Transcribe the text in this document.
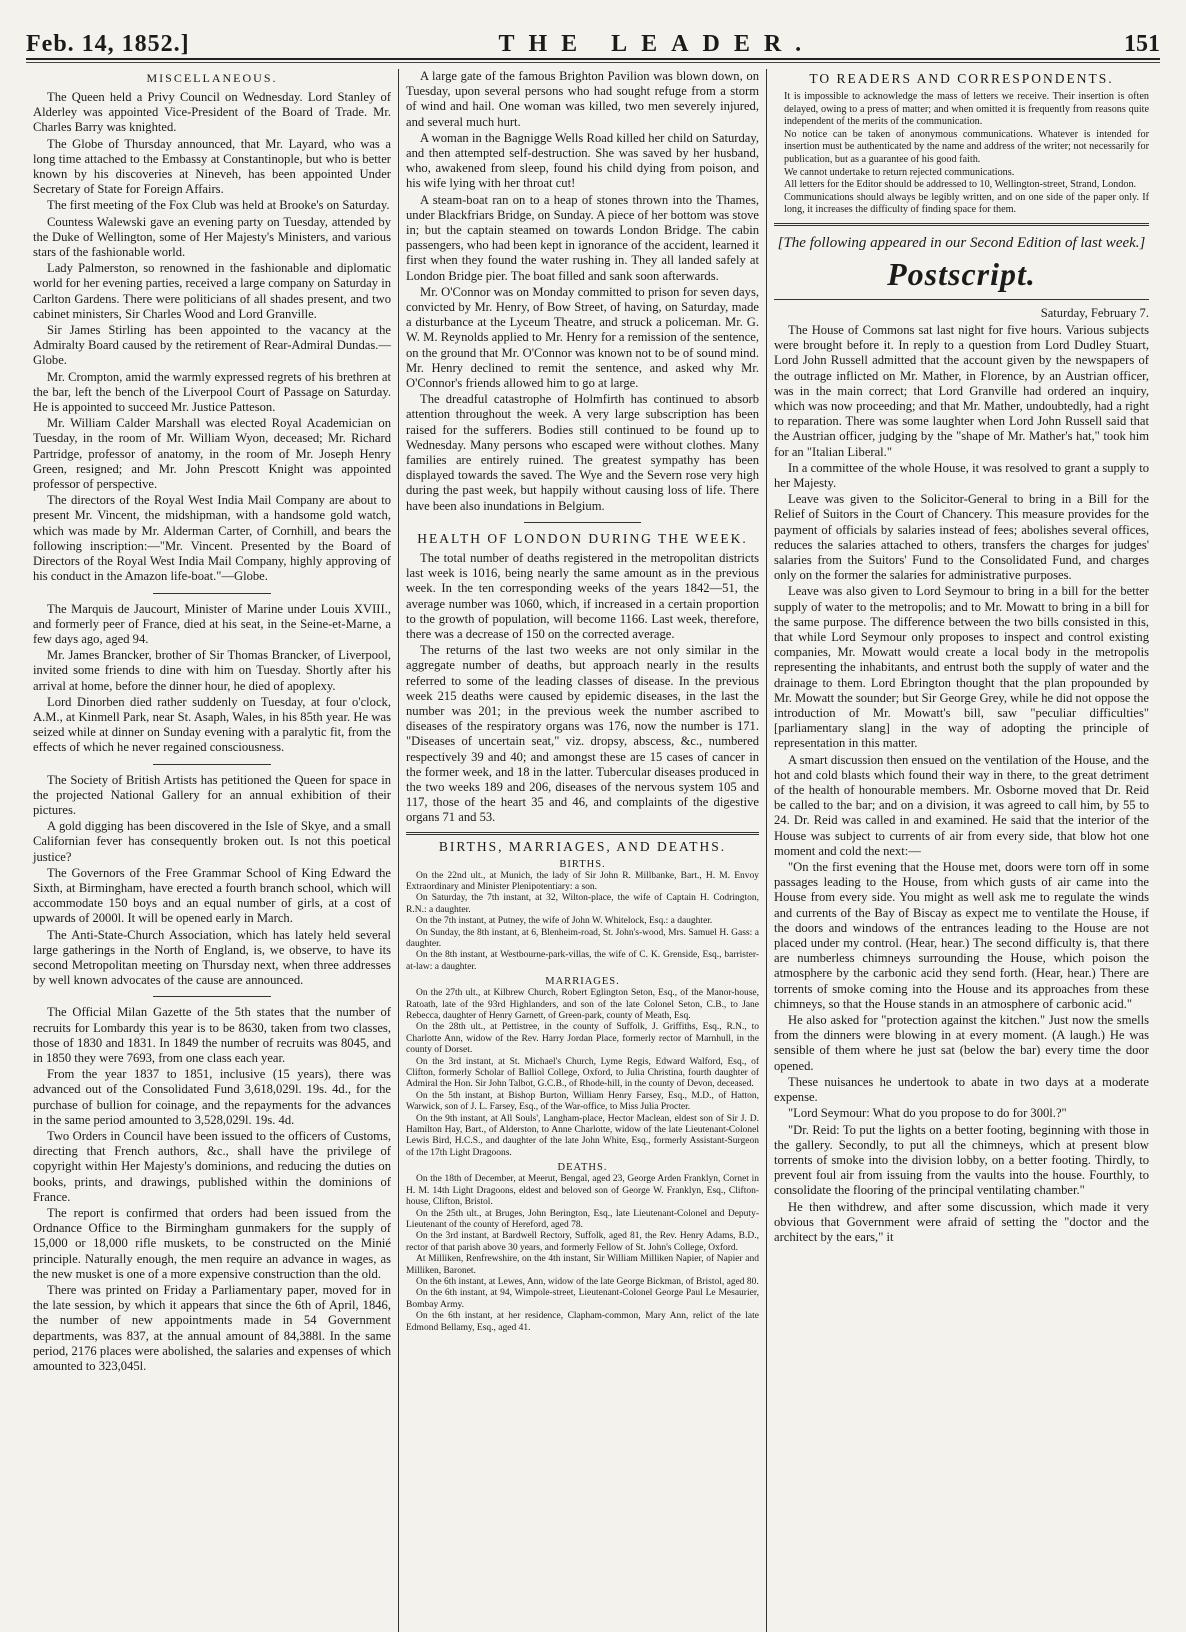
Feb. 14, 1852.]	THE LEADER.	151
MISCELLANEOUS.

The Queen held a Privy Council on Wednesday. Lord Stanley of Alderley was appointed Vice-President of the Board of Trade. Mr. Charles Barry was knighted.

The Globe of Thursday announced, that Mr. Layard, who was a long time attached to the Embassy at Constantinople, but who is better known by his discoveries at Nineveh, has been appointed Under Secretary of State for Foreign Affairs.

The first meeting of the Fox Club was held at Brooke's on Saturday.

Countess Walewski gave an evening party on Tuesday, attended by the Duke of Wellington, some of Her Majesty's Ministers, and various stars of the fashionable world.

Lady Palmerston, so renowned in the fashionable and diplomatic world for her evening parties, received a large company on Saturday in Carlton Gardens. There were politicians of all shades present, and two cabinet ministers, Sir Charles Wood and Lord Granville.

Sir James Stirling has been appointed to the vacancy at the Admiralty Board caused by the retirement of Rear-Admiral Dundas.—Globe.

Mr. Crompton, amid the warmly expressed regrets of his brethren at the bar, left the bench of the Liverpool Court of Passage on Saturday. He is appointed to succeed Mr. Justice Patteson.

Mr. William Calder Marshall was elected Royal Academician on Tuesday, in the room of Mr. William Wyon, deceased; Mr. Richard Partridge, professor of anatomy, in the room of Mr. Joseph Henry Green, resigned; and Mr. John Prescott Knight was appointed professor of perspective.

The directors of the Royal West India Mail Company are about to present Mr. Vincent, the midshipman, with a handsome gold watch, which was made by Mr. Alderman Carter, of Cornhill, and bears the following inscription:—"Mr. Vincent. Presented by the Board of Directors of the Royal West India Mail Company, highly approving of his conduct in the Amazon life-boat."—Globe.

The Marquis de Jaucourt, Minister of Marine under Louis XVIII., and formerly peer of France, died at his seat, in the Seine-et-Marne, a few days ago, aged 94.

Mr. James Brancker, brother of Sir Thomas Brancker, of Liverpool, invited some friends to dine with him on Tuesday. Shortly after his arrival at home, before the dinner hour, he died of apoplexy.

Lord Dinorben died rather suddenly on Tuesday, at four o'clock, A.M., at Kinmell Park, near St. Asaph, Wales, in his 85th year. He was seized while at dinner on Sunday evening with a paralytic fit, from the effects of which he never regained consciousness.

The Society of British Artists has petitioned the Queen for space in the projected National Gallery for an annual exhibition of their pictures.

A gold digging has been discovered in the Isle of Skye, and a small Californian fever has consequently broken out. Is not this poetical justice?

The Governors of the Free Grammar School of King Edward the Sixth, at Birmingham, have erected a fourth branch school, which will accommodate 150 boys and an equal number of girls, at a cost of upwards of 2000l. It will be opened early in March.

The Anti-State-Church Association, which has lately held several large gatherings in the North of England, is, we observe, to have its second Metropolitan meeting on Thursday next, when three addresses by well known advocates of the cause are announced.

The Official Milan Gazette of the 5th states that the number of recruits for Lombardy this year is to be 8630, taken from two classes, those of 1830 and 1831. In 1849 the number of recruits was 8045, and in 1850 they were 7693, from one class each year.

From the year 1837 to 1851, inclusive (15 years), there was advanced out of the Consolidated Fund 3,618,029l. 19s. 4d., for the purchase of bullion for coinage, and the repayments for the advances in the same period amounted to 3,528,029l. 19s. 4d.

Two Orders in Council have been issued to the officers of Customs, directing that French authors, &c., shall have the privilege of copyright within Her Majesty's dominions, and reducing the duties on books, prints, and drawings, published within the dominions of France.

The report is confirmed that orders had been issued from the Ordnance Office to the Birmingham gunmakers for the supply of 15,000 or 18,000 rifle muskets, to be constructed on the Minié principle. Naturally enough, the men require an advance in wages, as the new musket is one of a more expensive construction than the old.

There was printed on Friday a Parliamentary paper, moved for in the late session, by which it appears that since the 6th of April, 1846, the number of new appointments made in 54 Government departments, was 837, at the annual amount of 84,388l. In the same period, 2176 places were abolished, the salaries and expenses of which amounted to 323,045l.

A large gate of the famous Brighton Pavilion was blown down, on Tuesday, upon several persons who had sought refuge from a storm of wind and hail. One woman was killed, two men severely injured, and several much hurt.

A woman in the Bagnigge Wells Road killed her child on Saturday, and then attempted self-destruction. She was saved by her husband, who, awakened from sleep, found his child dying from poison, and his wife lying with her throat cut!

A steam-boat ran on to a heap of stones thrown into the Thames, under Blackfriars Bridge, on Sunday. A piece of her bottom was stove in; but the captain steamed on towards London Bridge. The cabin passengers, who had been kept in ignorance of the accident, learned it first when they found the water rushing in. They all landed safely at London Bridge pier. The boat filled and sank soon afterwards.

Mr. O'Connor was on Monday committed to prison for seven days, convicted by Mr. Henry, of Bow Street, of having, on Saturday, made a disturbance at the Lyceum Theatre, and struck a policeman. Mr. G. W. M. Reynolds applied to Mr. Henry for a remission of the sentence, on the ground that Mr. O'Connor was known not to be of sound mind. Mr. Henry declined to remit the sentence, and asked why Mr. O'Connor's friends allowed him to go at large.

The dreadful catastrophe of Holmfirth has continued to absorb attention throughout the week. A very large subscription has been raised for the sufferers. Bodies still continued to be found up to Wednesday. Many persons who escaped were without clothes. Many families are entirely ruined. The greatest sympathy has been displayed towards the saved. The Wye and the Severn rose very high during the past week, but happily without causing loss of life. There have been also inundations in Belgium.

HEALTH OF LONDON DURING THE WEEK.

The total number of deaths registered in the metropolitan districts last week is 1016, being nearly the same amount as in the previous week. In the ten corresponding weeks of the years 1842—51, the average number was 1060, which, if increased in a certain proportion to the growth of population, will become 1166. Last week, therefore, there was a decrease of 150 on the corrected average.

The returns of the last two weeks are not only similar in the aggregate number of deaths, but approach nearly in the results referred to some of the leading classes of disease. In the previous week 215 deaths were caused by epidemic diseases, in the last the number was 201; in the previous week the number ascribed to diseases of the respiratory organs was 176, now the number is 171. "Diseases of uncertain seat," viz. dropsy, abscess, &c., numbered respectively 39 and 40; and amongst these are 15 cases of cancer in the former week, and 18 in the latter. Tubercular diseases produced in the two weeks 189 and 206, diseases of the nervous system 105 and 117, those of the heart 35 and 46, and complaints of the digestive organs 71 and 53.

BIRTHS, MARRIAGES, AND DEATHS.
BIRTHS.

On the 22nd ult., at Munich, the lady of Sir John R. Millbanke, Bart., H. M. Envoy Extraordinary and Minister Plenipotentiary: a son.

On Saturday, the 7th instant, at 32, Wilton-place, the wife of Captain H. Codrington, R.N.: a daughter.

On the 7th instant, at Putney, the wife of John W. Whitelock, Esq.: a daughter.

On Sunday, the 8th instant, at 6, Blenheim-road, St. John's-wood, Mrs. Samuel H. Gass: a daughter.

On the 8th instant, at Westbourne-park-villas, the wife of C. K. Grenside, Esq., barrister-at-law: a daughter.

MARRIAGES.

On the 27th ult., at Kilbrew Church, Robert Eglington Seton, Esq., of the Manor-house, Ratoath, late of the 93rd Highlanders, and son of the late Colonel Seton, C.B., to Jane Rebecca, daughter of Henry Garnett, of Green-park, county of Meath, Esq.

On the 28th ult., at Pettistree, in the county of Suffolk, J. Griffiths, Esq., R.N., to Charlotte Ann, widow of the Rev. Harry Jordan Place, formerly rector of Marnhull, in the county of Dorset.

On the 3rd instant, at St. Michael's Church, Lyme Regis, Edward Walford, Esq., of Clifton, formerly Scholar of Balliol College, Oxford, to Julia Christina, fourth daughter of Admiral the Hon. Sir John Talbot, G.C.B., of Rhode-hill, in the county of Devon, deceased.

On the 5th instant, at Bishop Burton, William Henry Farsey, Esq., M.D., of Hatton, Warwick, son of J. L. Farsey, Esq., of the War-office, to Miss Julia Procter.

On the 9th instant, at All Souls', Langham-place, Hector Maclean, eldest son of Sir J. D. Hamilton Hay, Bart., of Alderston, to Anne Charlotte, widow of the late Lieutenant-Colonel Lewis Bird, H.C.S., and daughter of the late John White, Esq., formerly Assistant-Surgeon of the 17th Light Dragoons.

DEATHS.

On the 18th of December, at Meerut, Bengal, aged 23, George Arden Franklyn, Cornet in H. M. 14th Light Dragoons, eldest and beloved son of George W. Franklyn, Esq., Clifton-house, Clifton, Bristol.

On the 25th ult., at Bruges, John Berington, Esq., late Lieutenant-Colonel and Deputy-Lieutenant of the county of Hereford, aged 78.

On the 3rd instant, at Bardwell Rectory, Suffolk, aged 81, the Rev. Henry Adams, B.D., rector of that parish above 30 years, and formerly Fellow of St. John's College, Oxford.

At Milliken, Renfrewshire, on the 4th instant, Sir William Milliken Napier, of Napier and Milliken, Baronet.

On the 6th instant, at Lewes, Ann, widow of the late George Bickman, of Bristol, aged 80.

On the 6th instant, at 94, Wimpole-street, Lieutenant-Colonel George Paul Le Mesaurier, Bombay Army.

On the 6th instant, at her residence, Clapham-common, Mary Ann, relict of the late Edmond Bellamy, Esq., aged 41.

TO READERS AND CORRESPONDENTS.

It is impossible to acknowledge the mass of letters we receive. Their insertion is often delayed, owing to a press of matter; and when omitted it is frequently from reasons quite independent of the merits of the communication.

No notice can be taken of anonymous communications. Whatever is intended for insertion must be authenticated by the name and address of the writer; not necessarily for publication, but as a guarantee of his good faith.

We cannot undertake to return rejected communications.

All letters for the Editor should be addressed to 10, Wellington-street, Strand, London.

Communications should always be legibly written, and on one side of the paper only. If long, it increases the difficulty of finding space for them.

[The following appeared in our Second Edition of last week.]
Postscript.
Saturday, February 7.

The House of Commons sat last night for five hours. Various subjects were brought before it. In reply to a question from Lord Dudley Stuart, Lord John Russell admitted that the account given by the newspapers of the outrage inflicted on Mr. Mather, in Florence, by an Austrian officer, was in the main correct; that Lord Granville had ordered an inquiry, which was now proceeding; and that Mr. Mather, undoubtedly, had a right to reparation. There was some laughter when Lord John Russell said that the Austrian officer, judging by the "shape of Mr. Mather's hat," took him for an "Italian Liberal."

In a committee of the whole House, it was resolved to grant a supply to her Majesty.

Leave was given to the Solicitor-General to bring in a Bill for the Relief of Suitors in the Court of Chancery. This measure provides for the payment of officials by salaries instead of fees; abolishes several offices, reduces the salaries attached to others, transfers the charges for judges' salaries from the Suitors' Fund to the Consolidated Fund, and charges only on the former the salaries for administrative purposes.

Leave was also given to Lord Seymour to bring in a bill for the better supply of water to the metropolis; and to Mr. Mowatt to bring in a bill for the same purpose. The difference between the two bills consisted in this, that while Lord Seymour only proposes to inspect and control existing companies, Mr. Mowatt would create a local body in the metropolis representing the inhabitants, and entrust both the supply of water and the drainage to them. Lord Ebrington thought that the plan propounded by Mr. Mowatt the sounder; but Sir George Grey, while he did not oppose the introduction of Mr. Mowatt's bill, saw "peculiar difficulties" [parliamentary slang] in the way of adopting the principle of representation in this matter.

A smart discussion then ensued on the ventilation of the House, and the hot and cold blasts which found their way in there, to the great detriment of the health of honourable members. Mr. Osborne moved that Dr. Reid be called to the bar; and on a division, it was agreed to call him, by 55 to 24. Dr. Reid was called in and examined. He said that the interior of the House was subject to currents of air from every side, that blow hot one moment and cold the next:—

"On the first evening that the House met, doors were torn off in some passages leading to the House, from which gusts of air came into the House from every side. You might as well ask me to regulate the winds and currents of the Bay of Biscay as expect me to ventilate the House, if the doors and windows of the entrances leading to the House are not placed under my control. (Hear, hear.) The second difficulty is, that there are numberless chimneys surrounding the House, which poison the atmosphere by the carbonic acid they send forth. (Hear, hear.) There are torrents of smoke coming into the House and its approaches from these chimneys, so that the House stands in an atmosphere of carbonic acid."

He also asked for "protection against the kitchen." Just now the smells from the dinners were blowing in at every moment. (A laugh.) He was sensible of them where he just sat (below the bar) every time the door opened.

These nuisances he undertook to abate in two days at a moderate expense.

"Lord Seymour: What do you propose to do for 300l.?"

"Dr. Reid: To put the lights on a better footing, beginning with those in the gallery. Secondly, to put all the chimneys, which at present blow torrents of smoke into the division lobby, on a better footing. Thirdly, to prevent foul air from issuing from the vaults into the house. Fourthly, to consolidate the flooring of the principal ventilating chamber."

He then withdrew, and after some discussion, which made it very obvious that Government were afraid of setting the "doctor and the architect by the ears," it
